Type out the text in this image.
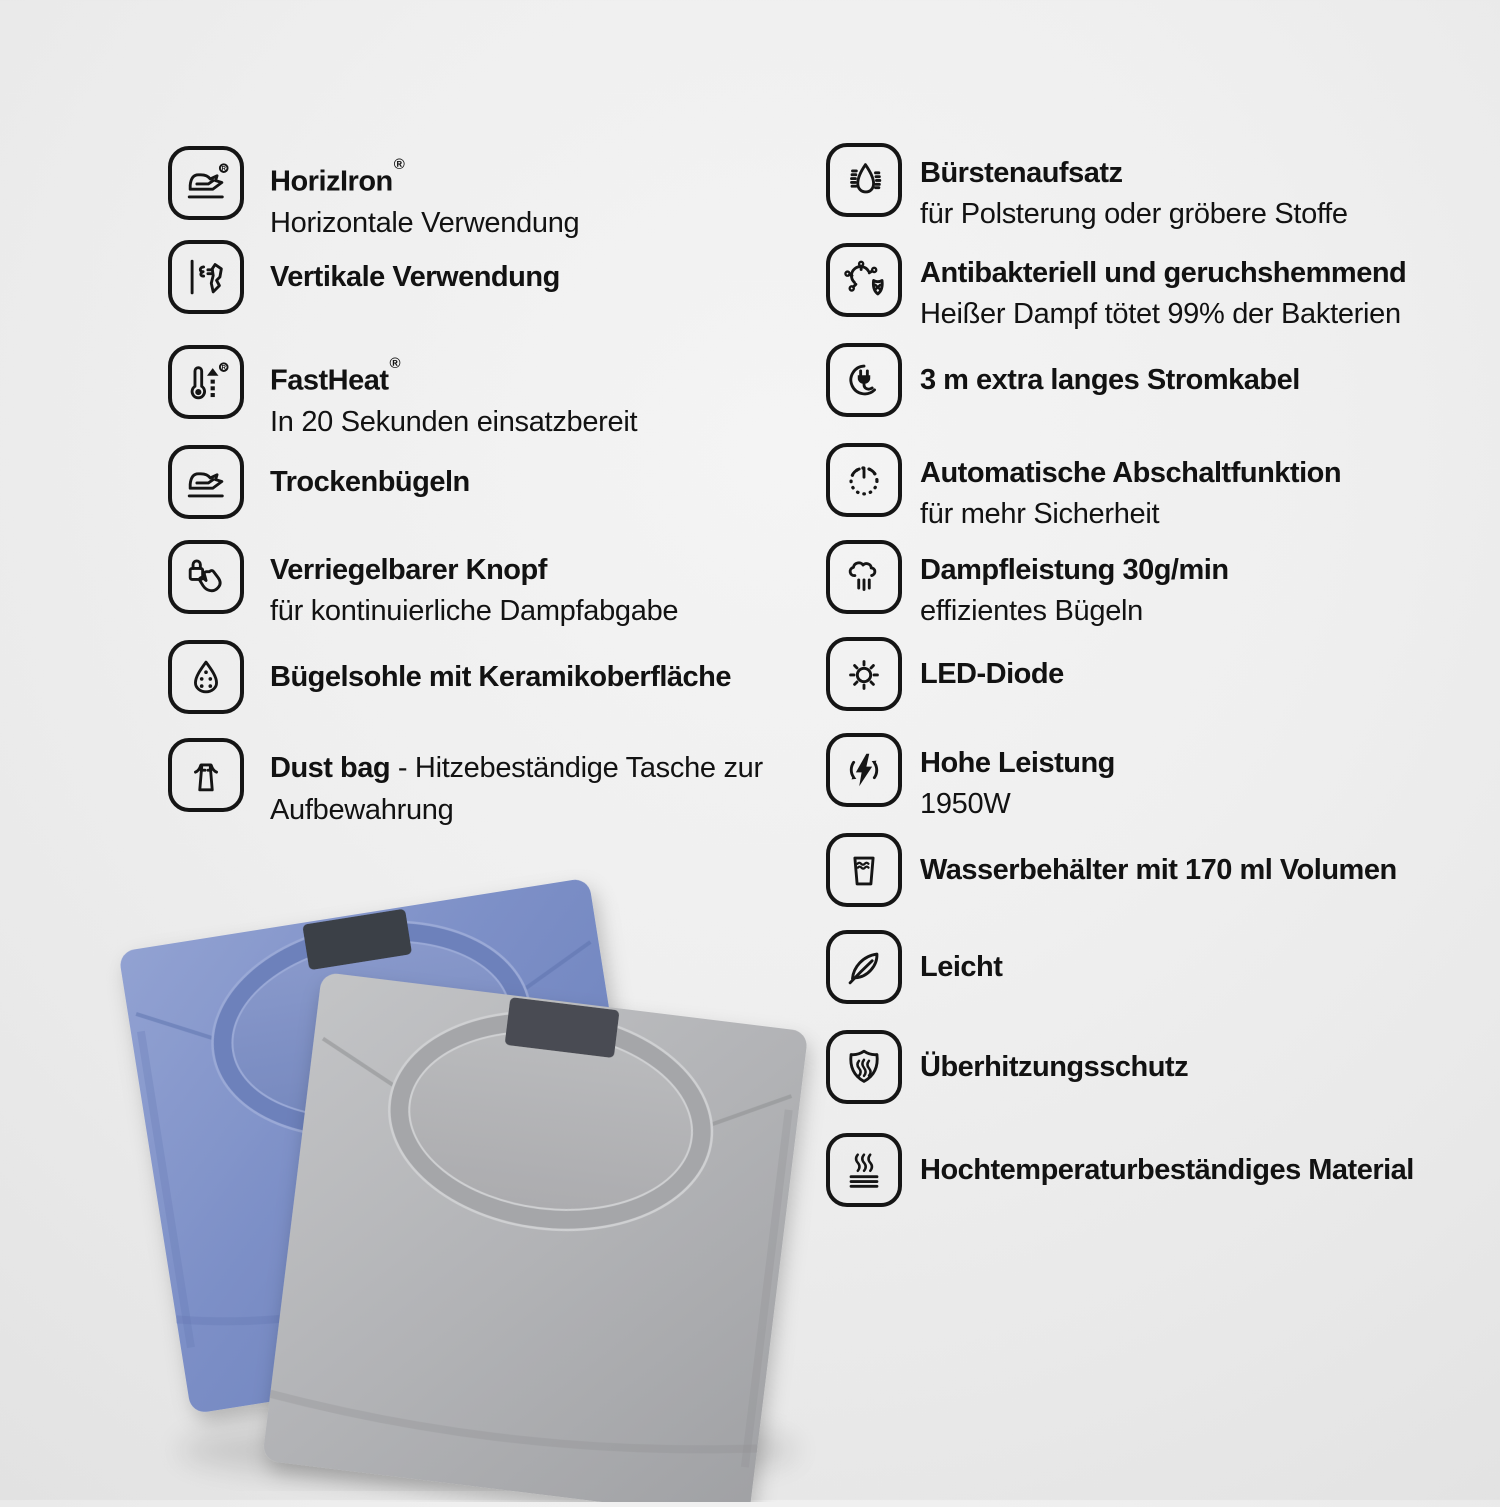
R HorizIron®

Horizontale Verwendung

Vertikale Verwendung

R FastHeat®

In 20 Sekunden einsatzbereit

Trockenbügeln

Verriegelbarer Knopf

für kontinuierliche Dampfabgabe

Bügelsohle mit Keramikoberfläche

Dust bag - Hitzebeständige Tasche zur Aufbewahrung

Bürstenaufsatz

für Polsterung oder gröbere Stoffe

Antibakteriell und geruchshemmend

Heißer Dampf tötet 99% der Bakterien

3 m extra langes Stromkabel

Automatische Abschaltfunktion

für mehr Sicherheit

Dampfleistung 30g/min

effizientes Bügeln

LED-Diode

Hohe Leistung

1950W

Wasserbehälter mit 170 ml Volumen

Leicht

Überhitzungsschutz

Hochtemperaturbeständiges Material
